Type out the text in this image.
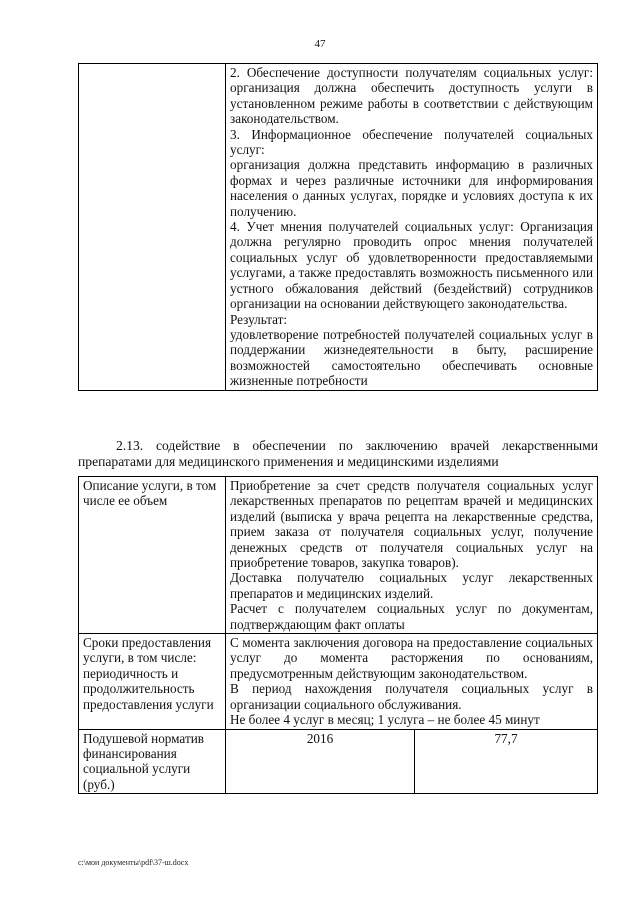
47

2. Обеспечение доступности получателям социальных услуг: организация должна обеспечить доступность услуги в установленном режиме работы в соответствии с действующим законодательством.

3. Информационное обеспечение получателей социальных услуг:

организация должна представить информацию в различных формах и через различные источники для информирования населения о данных услугах, порядке и условиях доступа к их получению.

4. Учет мнения получателей социальных услуг: Организация должна регулярно проводить опрос мнения получателей социальных услуг об удовлетворенности предоставляемыми услугами, а также предоставлять возможность письменного или устного обжалования действий (бездействий) сотрудников организации на основании действующего законодательства.

Результат:

удовлетворение потребностей получателей социальных услуг в поддержании жизнедеятельности в быту, расширение возможностей самостоятельно обеспечивать основные жизненные потребности

2.13. содействие в обеспечении по заключению врачей лекарственными препаратами для медицинского применения и медицинскими изделиями
Описание услуги, в том числе ее объем	Приобретение за счет средств получателя социальных услуг лекарственных препаратов по рецептам врачей и медицинских изделий (выписка у врача рецепта на лекарственные средства, прием заказа от получателя социальных услуг, получение денежных средств от получателя социальных услуг на приобретение товаров, закупка товаров).

Доставка получателю социальных услуг лекарственных препаратов и медицинских изделий.

Расчет с получателем социальных услуг по документам, подтверждающим факт оплаты	

Сроки предоставления услуги, в том числе: периодичность и продолжительность предоставления услуги	С момента заключения договора на предоставление социальных услуг до момента расторжения по основаниям, предусмотренным действующим законодательством.

В период нахождения получателя социальных услуг в организации социального обслуживания.

Не более 4 услуг в месяц; 1 услуга – не более 45 минут	

Подушевой норматив финансирования социальной услуги (руб.)	2016	77,7
c:\мои документы\pdf\37-ш.docx
